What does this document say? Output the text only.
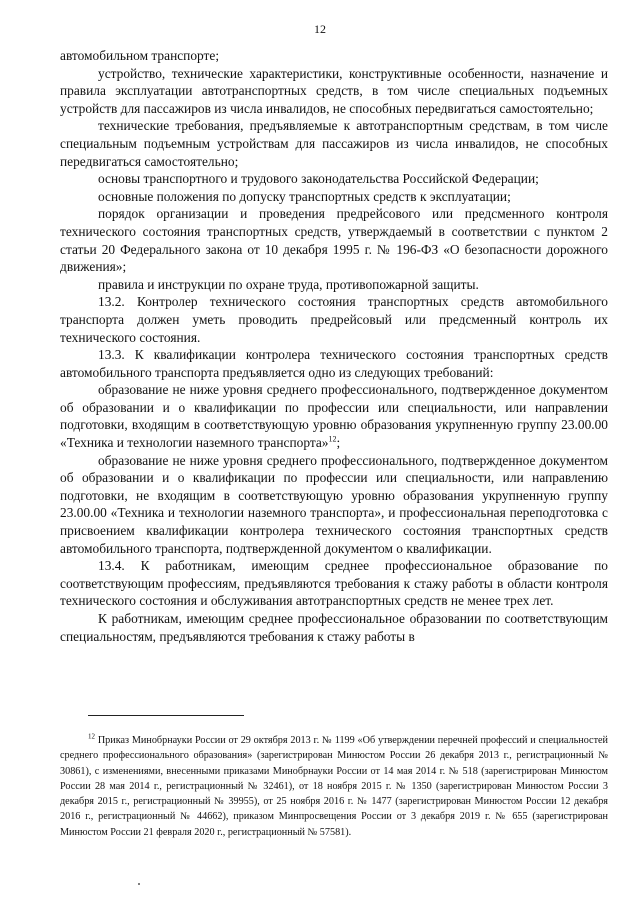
12

автомобильном транспорте;

устройство, технические характеристики, конструктивные особенности, назначение и правила эксплуатации автотранспортных средств, в том числе специальных подъемных устройств для пассажиров из числа инвалидов, не способных передвигаться самостоятельно;

технические требования, предъявляемые к автотранспортным средствам, в том числе специальным подъемным устройствам для пассажиров из числа инвалидов, не способных передвигаться самостоятельно;

основы транспортного и трудового законодательства Российской Федерации;

основные положения по допуску транспортных средств к эксплуатации;

порядок организации и проведения предрейсового или предсменного контроля технического состояния транспортных средств, утверждаемый в соответствии с пунктом 2 статьи 20 Федерального закона от 10 декабря 1995 г. № 196-ФЗ «О безопасности дорожного движения»;

правила и инструкции по охране труда, противопожарной защиты.

13.2. Контролер технического состояния транспортных средств автомобильного транспорта должен уметь проводить предрейсовый или предсменный контроль их технического состояния.

13.3. К квалификации контролера технического состояния транспортных средств автомобильного транспорта предъявляется одно из следующих требований:

образование не ниже уровня среднего профессионального, подтвержденное документом об образовании и о квалификации по профессии или специальности, или направлении подготовки, входящим в соответствующую уровню образования укрупненную группу 23.00.00 «Техника и технологии наземного транспорта»$^{12}$;

образование не ниже уровня среднего профессионального, подтвержденное документом об образовании и о квалификации по профессии или специальности, или направлению подготовки, не входящим в соответствующую уровню образования укрупненную группу 23.00.00 «Техника и технологии наземного транспорта», и профессиональная переподготовка с присвоением квалификации контролера технического состояния транспортных средств автомобильного транспорта, подтвержденной документом о квалификации.

13.4. К работникам, имеющим среднее профессиональное образование по соответствующим профессиям, предъявляются требования к стажу работы в области контроля технического состояния и обслуживания автотранспортных средств не менее трех лет.

К работникам, имеющим среднее профессиональное образовании по соответствующим специальностям, предъявляются требования к стажу работы в

$^{12}$ Приказ Минобрнауки России от 29 октября 2013 г. № 1199 «Об утверждении перечней профессий и специальностей среднего профессионального образования» (зарегистрирован Минюстом России 26 декабря 2013 г., регистрационный № 30861), с изменениями, внесенными приказами Минобрнауки России от 14 мая 2014 г. № 518 (зарегистрирован Минюстом России 28 мая 2014 г., регистрационный № 32461), от 18 ноября 2015 г. № 1350 (зарегистрирован Минюстом России 3 декабря 2015 г., регистрационный № 39955), от 25 ноября 2016 г. № 1477 (зарегистрирован Минюстом России 12 декабря 2016 г., регистрационный № 44662), приказом Минпросвещения России от 3 декабря 2019 г. № 655 (зарегистрирован Минюстом России 21 февраля 2020 г., регистрационный № 57581).
